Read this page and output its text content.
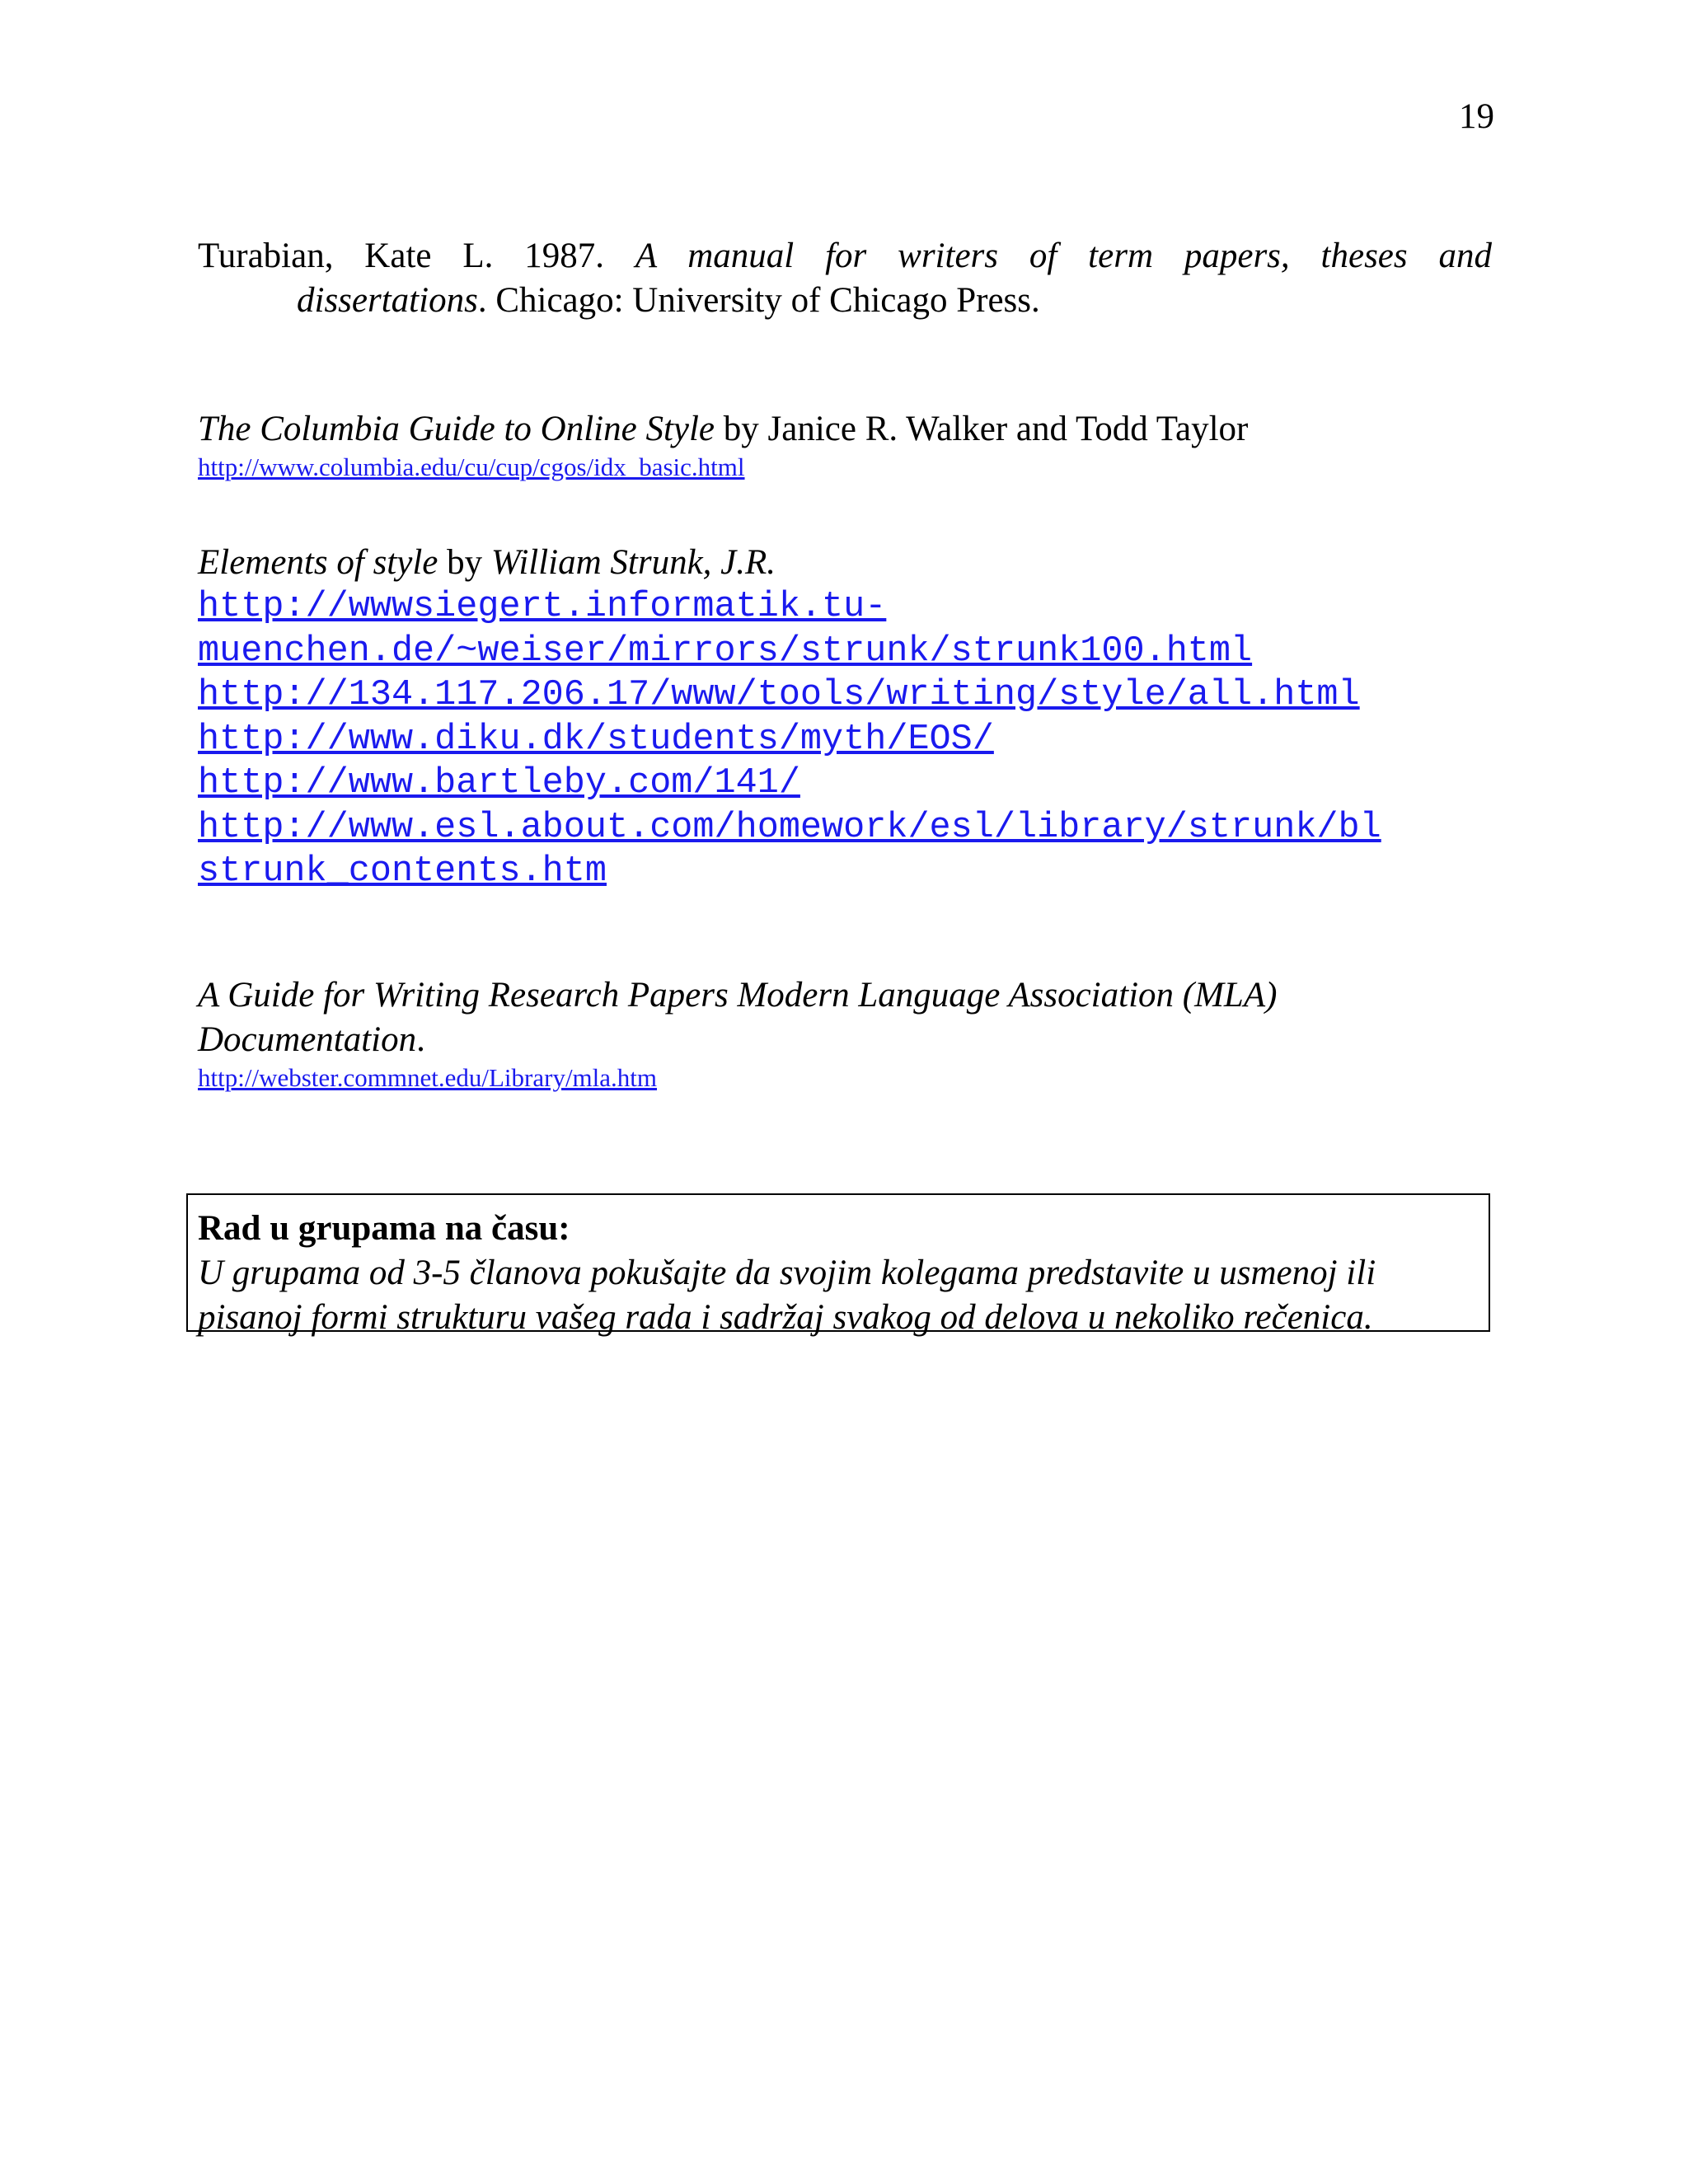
19
Turabian, Kate L. 1987. A manual for writers of term papers, theses and
dissertations. Chicago: University of Chicago Press.
The Columbia Guide to Online Style by Janice R. Walker and Todd Taylor
http://www.columbia.edu/cu/cup/cgos/idx_basic.html
Elements of style by William Strunk, J.R.
http://wwwsiegert.informatik.tu-
muenchen.de/~weiser/mirrors/strunk/strunk100.html
http://134.117.206.17/www/tools/writing/style/all.html
http://www.diku.dk/students/myth/EOS/
http://www.bartleby.com/141/
http://www.esl.about.com/homework/esl/library/strunk/bl
strunk_contents.htm
A Guide for Writing Research Papers Modern Language Association (MLA)
Documentation.
http://webster.commnet.edu/Library/mla.htm
Rad u grupama na času:
U grupama od 3-5 članova pokušajte da svojim kolegama predstavite u usmenoj ili
pisanoj formi strukturu vašeg rada i sadržaj svakog od delova u nekoliko rečenica.
